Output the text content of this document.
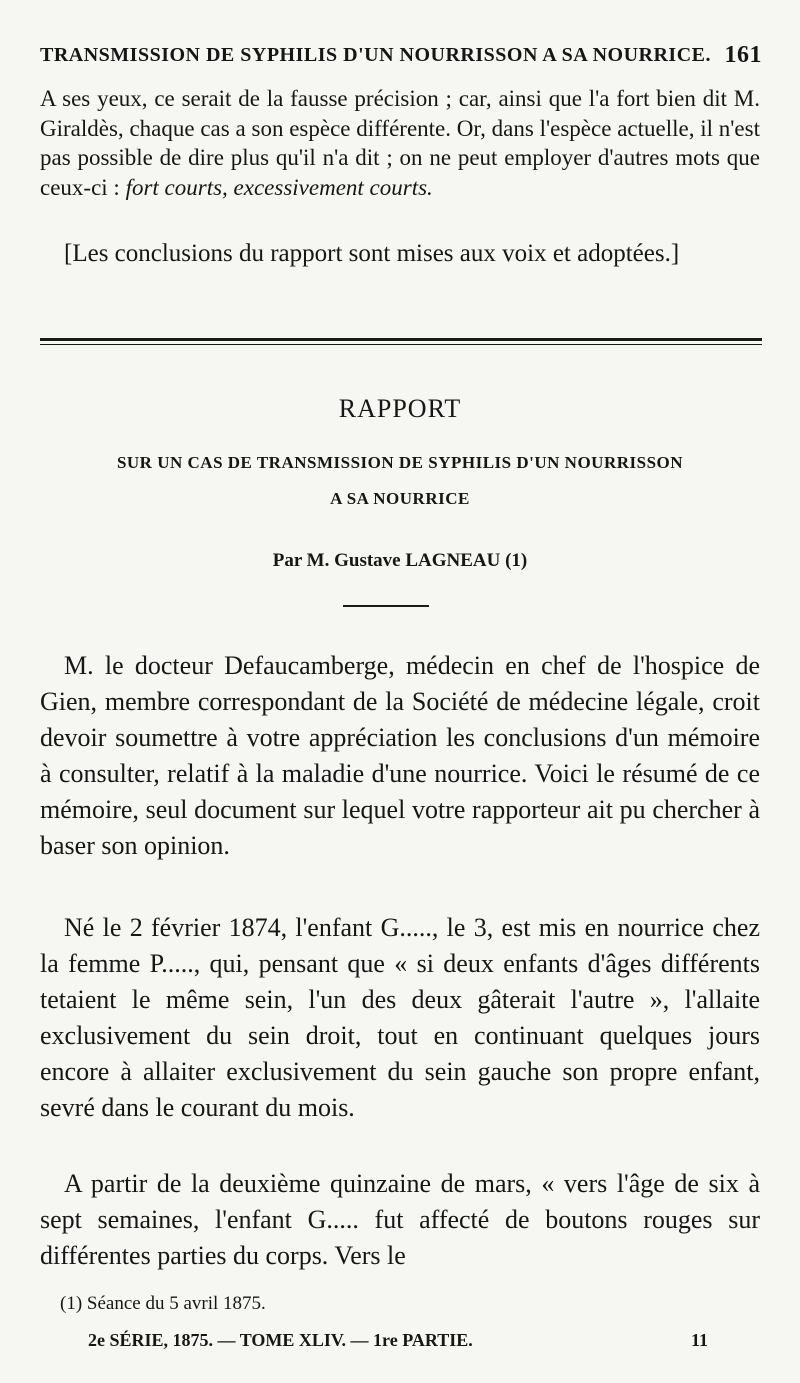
TRANSMISSION DE SYPHILIS D'UN NOURRISSON A SA NOURRICE. 161

A ses yeux, ce serait de la fausse précision ; car, ainsi que l'a fort bien dit M. Giraldès, chaque cas a son espèce différente. Or, dans l'espèce actuelle, il n'est pas possible de dire plus qu'il n'a dit ; on ne peut employer d'autres mots que ceux-ci : fort courts, excessivement courts.

[Les conclusions du rapport sont mises aux voix et adoptées.]

RAPPORT
SUR UN CAS DE TRANSMISSION DE SYPHILIS D'UN NOURRISSON
A SA NOURRICE
Par M. Gustave LAGNEAU (1)

M. le docteur Defaucamberge, médecin en chef de l'hospice de Gien, membre correspondant de la Société de médecine légale, croit devoir soumettre à votre appréciation les conclusions d'un mémoire à consulter, relatif à la maladie d'une nourrice. Voici le résumé de ce mémoire, seul document sur lequel votre rapporteur ait pu chercher à baser son opinion.

Né le 2 février 1874, l'enfant G....., le 3, est mis en nourrice chez la femme P....., qui, pensant que « si deux enfants d'âges différents tetaient le même sein, l'un des deux gâterait l'autre », l'allaite exclusivement du sein droit, tout en continuant quelques jours encore à allaiter exclusivement du sein gauche son propre enfant, sevré dans le courant du mois.

A partir de la deuxième quinzaine de mars, « vers l'âge de six à sept semaines, l'enfant G..... fut affecté de boutons rouges sur différentes parties du corps. Vers le

(1) Séance du 5 avril 1875.
2e SÉRIE, 1875. — TOME XLIV. — 1re PARTIE.	11
